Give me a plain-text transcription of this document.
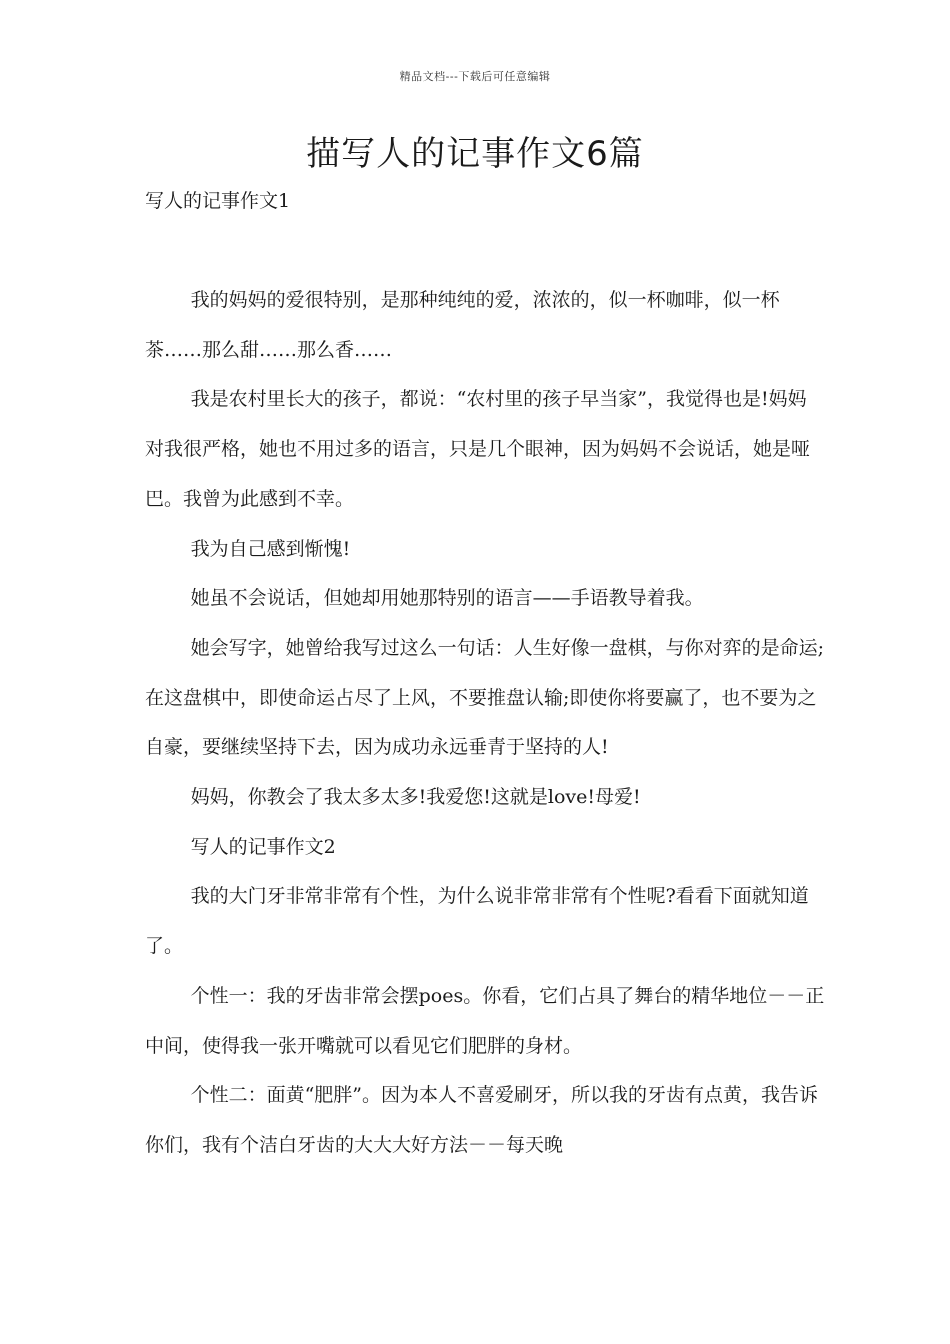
精品文档---下载后可任意编辑
描写人的记事作文6篇
写人的记事作文1

我的妈妈的爱很特别，是那种纯纯的爱，浓浓的，似一杯咖啡，似一杯茶……那么甜……那么香……

我是农村里长大的孩子，都说：“农村里的孩子早当家”，我觉得也是!妈妈对我很严格，她也不用过多的语言，只是几个眼神，因为妈妈不会说话，她是哑巴。我曾为此感到不幸。

我为自己感到惭愧!

她虽不会说话，但她却用她那特别的语言——手语教导着我。

她会写字，她曾给我写过这么一句话：人生好像一盘棋，与你对弈的是命运;在这盘棋中，即使命运占尽了上风，不要推盘认输;即使你将要赢了，也不要为之自豪，要继续坚持下去，因为成功永远垂青于坚持的人!

妈妈，你教会了我太多太多!我爱您!这就是love!母爱!

写人的记事作文2

我的大门牙非常非常有个性，为什么说非常非常有个性呢?看看下面就知道了。

个性一：我的牙齿非常会摆poes。你看，它们占具了舞台的精华地位－－正中间，使得我一张开嘴就可以看见它们肥胖的身材。

个性二：面黄“肥胖”。因为本人不喜爱刷牙，所以我的牙齿有点黄，我告诉你们，我有个洁白牙齿的大大大好方法－－每天晚
